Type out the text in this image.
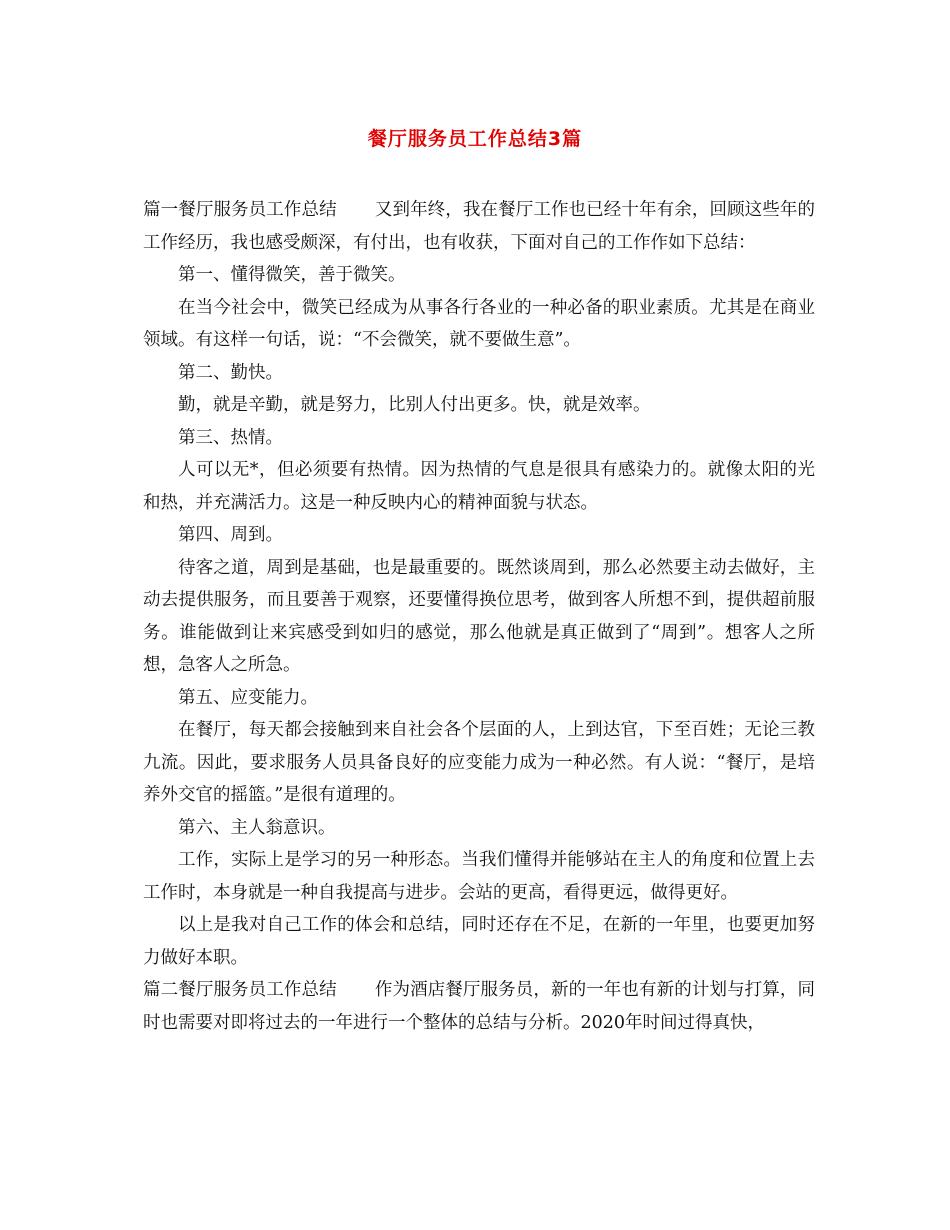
餐厅服务员工作总结3篇

篇一餐厅服务员工作总结 又到年终，我在餐厅工作也已经十年有余，回顾这些年的工作经历，我也感受颇深，有付出，也有收获，下面对自己的工作作如下总结：

第一、懂得微笑，善于微笑。

在当今社会中，微笑已经成为从事各行各业的一种必备的职业素质。尤其是在商业领域。有这样一句话，说：“不会微笑，就不要做生意”。

第二、勤快。

勤，就是辛勤，就是努力，比别人付出更多。快，就是效率。

第三、热情。

人可以无*，但必须要有热情。因为热情的气息是很具有感染力的。就像太阳的光和热，并充满活力。这是一种反映内心的精神面貌与状态。

第四、周到。

待客之道，周到是基础，也是最重要的。既然谈周到，那么必然要主动去做好，主动去提供服务，而且要善于观察，还要懂得换位思考，做到客人所想不到，提供超前服务。谁能做到让来宾感受到如归的感觉，那么他就是真正做到了“周到”。想客人之所想，急客人之所急。

第五、应变能力。

在餐厅，每天都会接触到来自社会各个层面的人，上到达官，下至百姓；无论三教九流。因此，要求服务人员具备良好的应变能力成为一种必然。有人说：“餐厅，是培养外交官的摇篮。”是很有道理的。

第六、主人翁意识。

工作，实际上是学习的另一种形态。当我们懂得并能够站在主人的角度和位置上去工作时，本身就是一种自我提高与进步。会站的更高，看得更远，做得更好。

以上是我对自己工作的体会和总结，同时还存在不足，在新的一年里，也要更加努力做好本职。

篇二餐厅服务员工作总结 作为酒店餐厅服务员，新的一年也有新的计划与打算，同时也需要对即将过去的一年进行一个整体的总结与分析。2020年时间过得真快，
